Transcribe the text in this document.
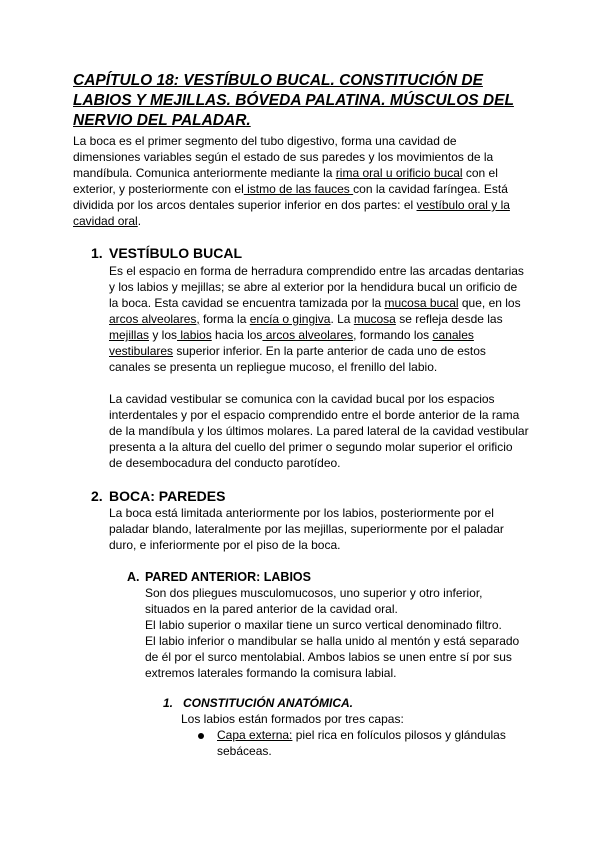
CAPÍTULO 18: VESTÍBULO BUCAL. CONSTITUCIÓN DE LABIOS Y MEJILLAS. BÓVEDA PALATINA. MÚSCULOS DEL NERVIO DEL PALADAR.

La boca es el primer segmento del tubo digestivo, forma una cavidad de dimensiones variables según el estado de sus paredes y los movimientos de la mandíbula. Comunica anteriormente mediante la rima oral u orificio bucal con el exterior, y posteriormente con el istmo de las fauces con la cavidad faríngea. Está dividida por los arcos dentales superior inferior en dos partes: el vestíbulo oral y la cavidad oral.

1. VESTÍBULO BUCAL

Es el espacio en forma de herradura comprendido entre las arcadas dentarias y los labios y mejillas; se abre al exterior por la hendidura bucal un orificio de la boca. Esta cavidad se encuentra tamizada por la mucosa bucal que, en los arcos alveolares, forma la encía o gingiva. La mucosa se refleja desde las mejillas y los labios hacia los arcos alveolares, formando los canales vestibulares superior inferior. En la parte anterior de cada uno de estos canales se presenta un repliegue mucoso, el frenillo del labio.

La cavidad vestibular se comunica con la cavidad bucal por los espacios interdentales y por el espacio comprendido entre el borde anterior de la rama de la mandíbula y los últimos molares. La pared lateral de la cavidad vestibular presenta a la altura del cuello del primer o segundo molar superior el orificio de desembocadura del conducto parotídeo.

2. BOCA: PAREDES

La boca está limitada anteriormente por los labios, posteriormente por el paladar blando, lateralmente por las mejillas, superiormente por el paladar duro, e inferiormente por el piso de la boca.

A. PARED ANTERIOR: LABIOS

Son dos pliegues musculomucosos, uno superior y otro inferior, situados en la pared anterior de la cavidad oral.

El labio superior o maxilar tiene un surco vertical denominado filtro.

El labio inferior o mandibular se halla unido al mentón y está separado de él por el surco mentolabial. Ambos labios se unen entre sí por sus extremos laterales formando la comisura labial.

1. CONSTITUCIÓN ANATÓMICA.

Los labios están formados por tres capas:

Capa externa: piel rica en folículos pilosos y glándulas sebáceas.
